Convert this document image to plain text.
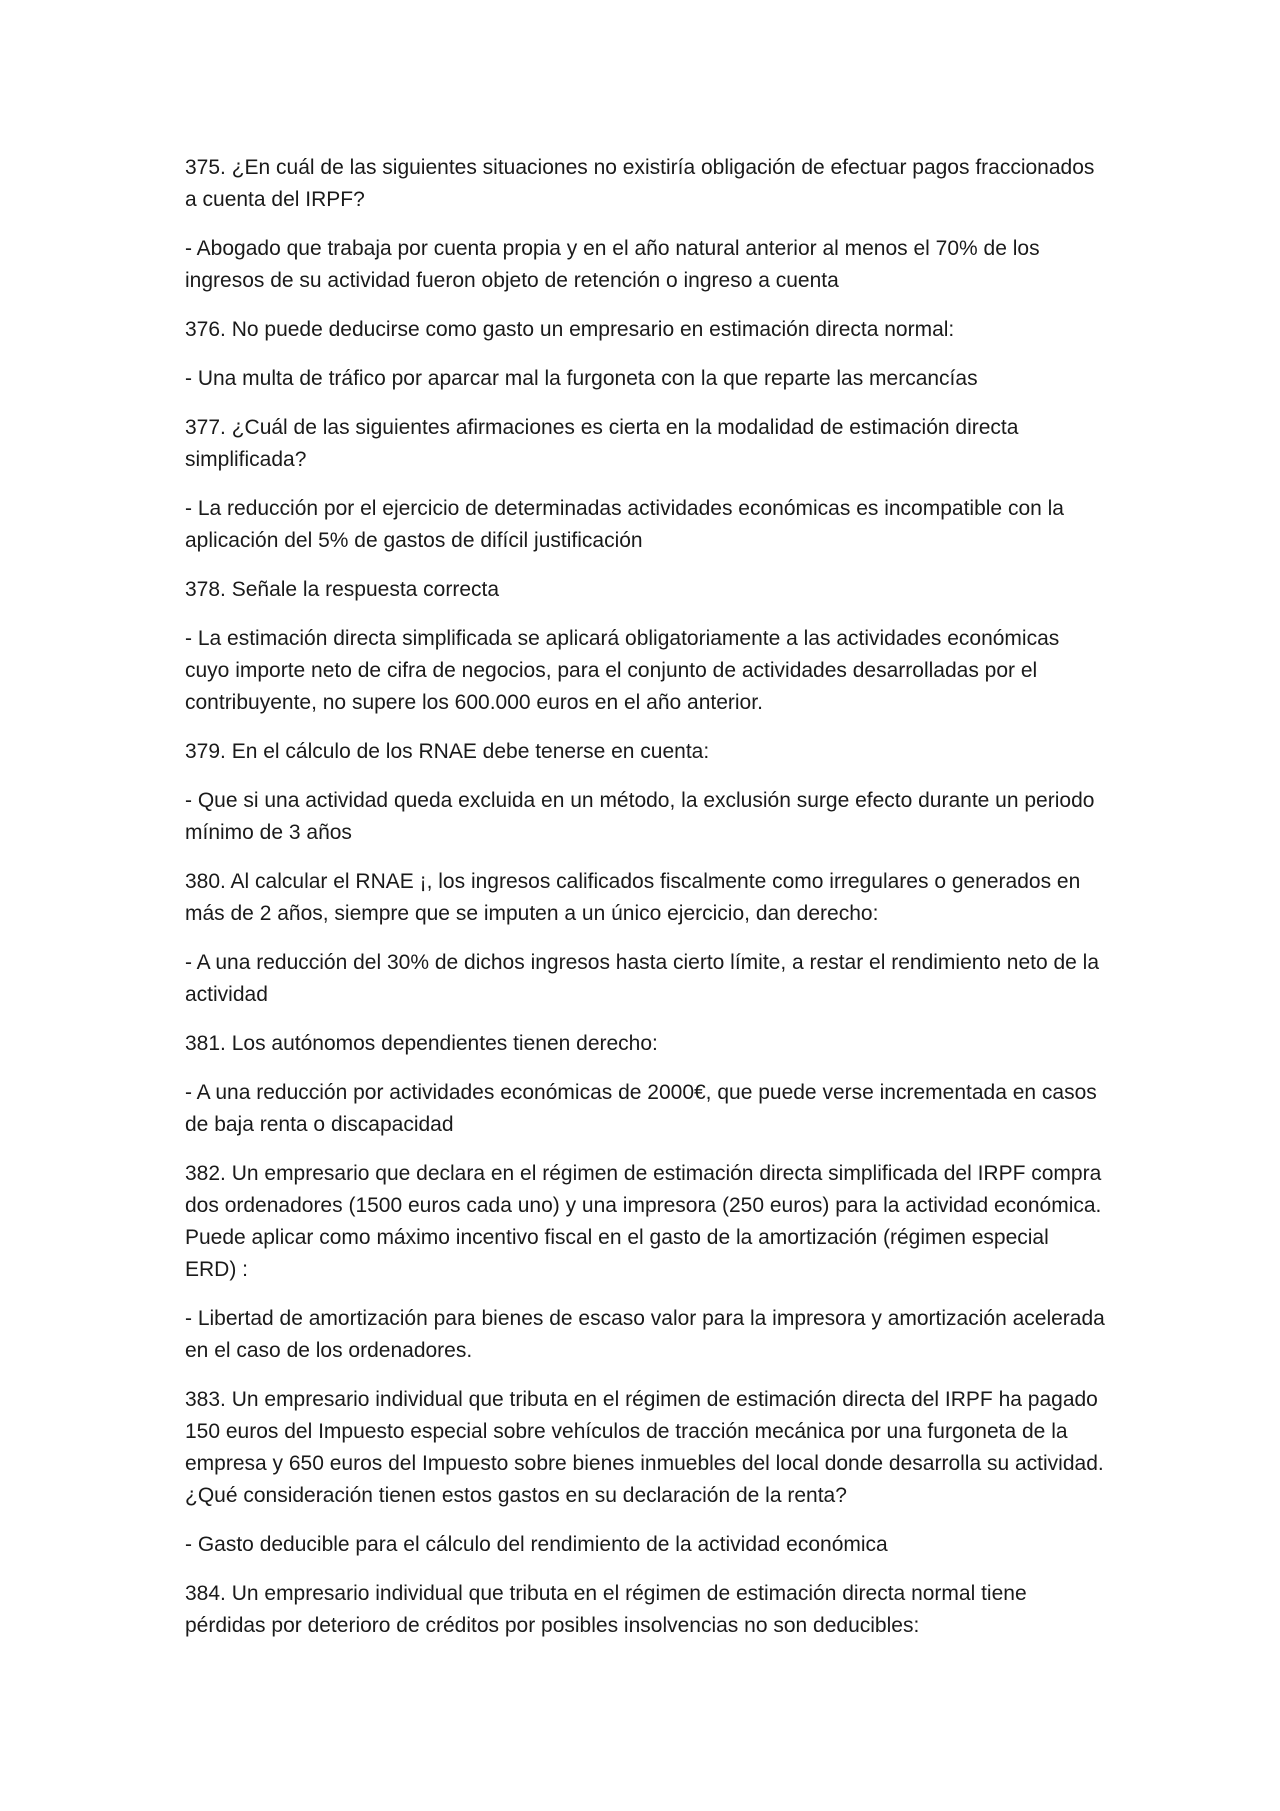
375. ¿En cuál de las siguientes situaciones no existiría obligación de efectuar pagos fraccionados a cuenta del IRPF?

- Abogado que trabaja por cuenta propia y en el año natural anterior al menos el 70% de los ingresos de su actividad fueron objeto de retención o ingreso a cuenta

376. No puede deducirse como gasto un empresario en estimación directa normal:

- Una multa de tráfico por aparcar mal la furgoneta con la que reparte las mercancías

377. ¿Cuál de las siguientes afirmaciones es cierta en la modalidad de estimación directa simplificada?

- La reducción por el ejercicio de determinadas actividades económicas es incompatible con la aplicación del 5% de gastos de difícil justificación

378. Señale la respuesta correcta

- La estimación directa simplificada se aplicará obligatoriamente a las actividades económicas cuyo importe neto de cifra de negocios, para el conjunto de actividades desarrolladas por el contribuyente, no supere los 600.000 euros en el año anterior.

379. En el cálculo de los RNAE debe tenerse en cuenta:

- Que si una actividad queda excluida en un método, la exclusión surge efecto durante un periodo mínimo de 3 años

380. Al calcular el RNAE ¡, los ingresos calificados fiscalmente como irregulares o generados en más de 2 años, siempre que se imputen a un único ejercicio, dan derecho:

- A una reducción del 30% de dichos ingresos hasta cierto límite, a restar el rendimiento neto de la actividad

381. Los autónomos dependientes tienen derecho:

- A una reducción por actividades económicas de 2000€, que puede verse incrementada en casos de baja renta o discapacidad

382. Un empresario que declara en el régimen de estimación directa simplificada del IRPF compra dos ordenadores (1500 euros cada uno) y una impresora (250 euros) para la actividad económica. Puede aplicar como máximo incentivo fiscal en el gasto de la amortización (régimen especial ERD) :

- Libertad de amortización para bienes de escaso valor para la impresora y amortización acelerada en el caso de los ordenadores.

383. Un empresario individual que tributa en el régimen de estimación directa del IRPF ha pagado 150 euros del Impuesto especial sobre vehículos de tracción mecánica por una furgoneta de la empresa y 650 euros del Impuesto sobre bienes inmuebles del local donde desarrolla su actividad. ¿Qué consideración tienen estos gastos en su declaración de la renta?

- Gasto deducible para el cálculo del rendimiento de la actividad económica

384. Un empresario individual que tributa en el régimen de estimación directa normal tiene pérdidas por deterioro de créditos por posibles insolvencias no son deducibles:
